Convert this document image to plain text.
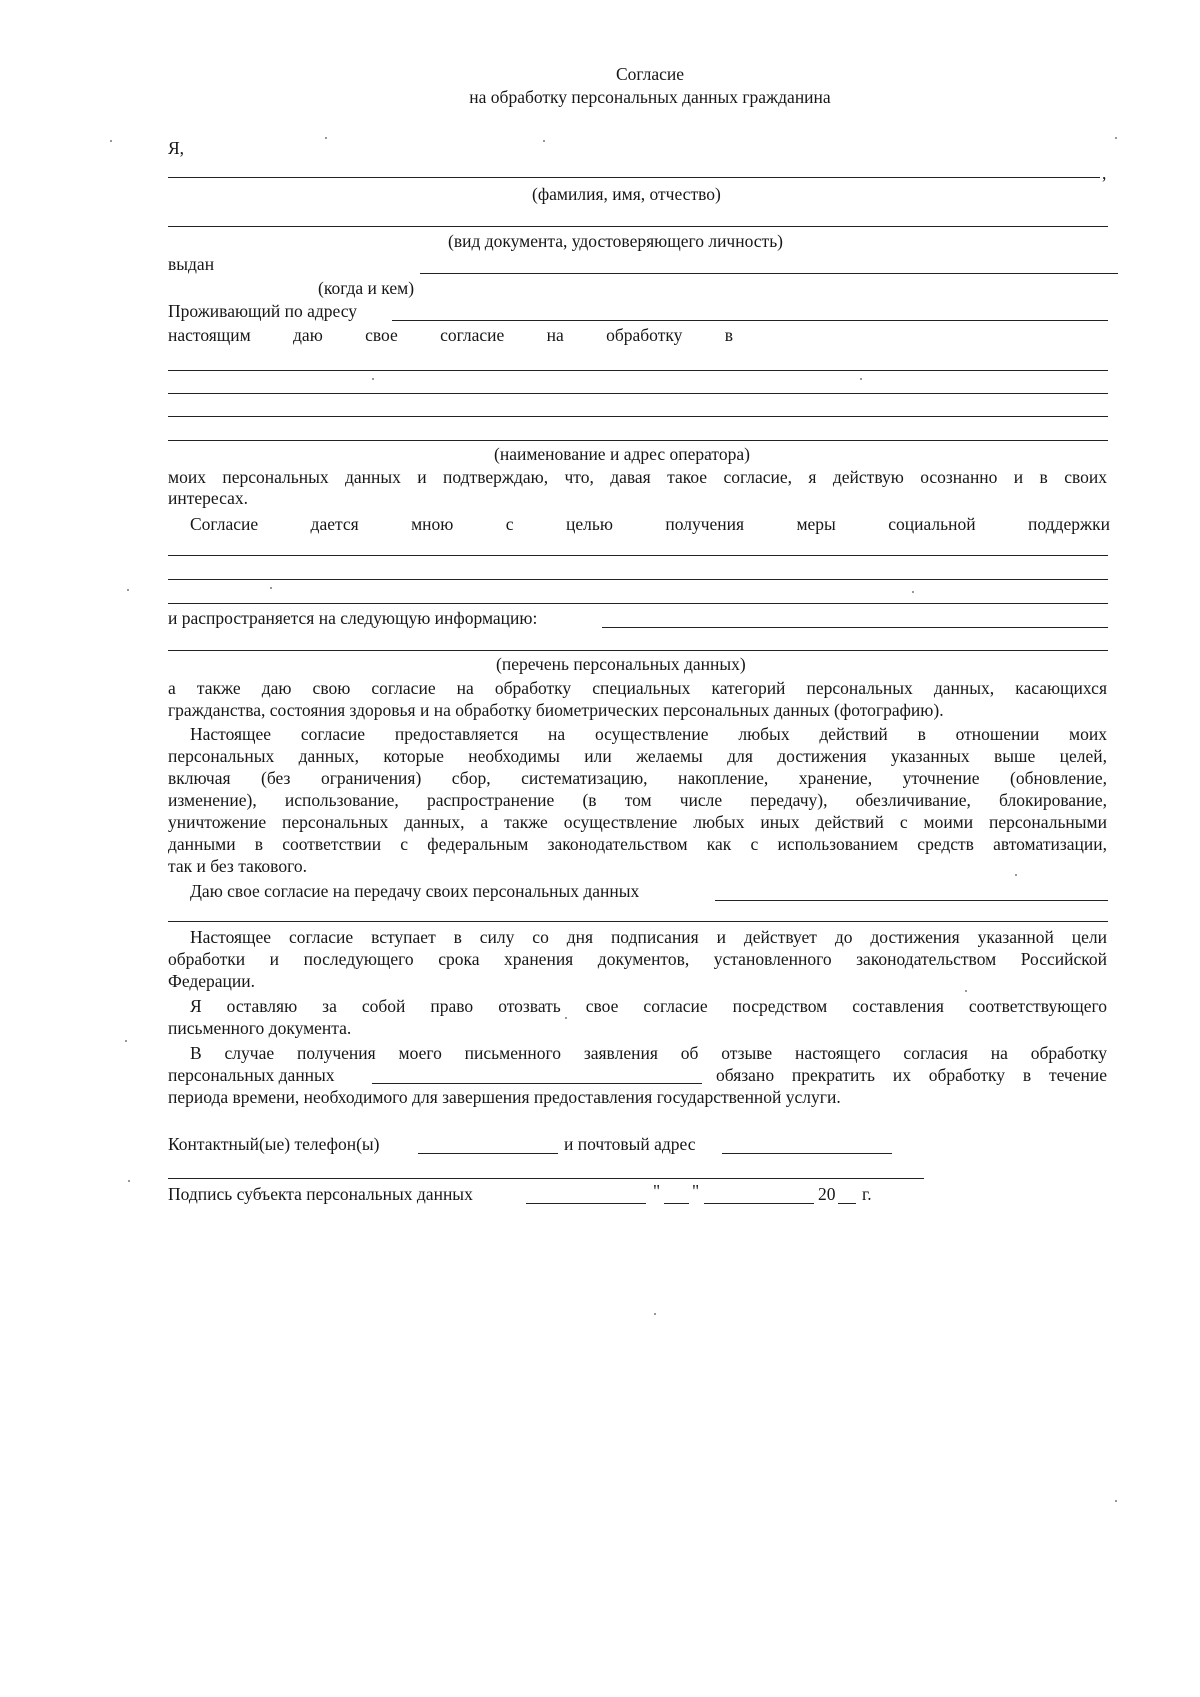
Согласие
на обработку персональных данных гражданина
Я,
,
(фамилия, имя, отчество)
(вид документа, удостоверяющего личность)
выдан
(когда и кем)
Проживающий по адресу
настоящим даю свое согласие на обработку в
(наименование и адрес оператора)
моих персональных данных и подтверждаю, что, давая такое согласие, я действую осознанно и в своих
интересах.
Согласие	дается	мною	с	целью	получения	меры	социальной	поддержки
и распространяется на следующую информацию:
(перечень персональных данных)
а также даю свою согласие на обработку специальных категорий персональных данных, касающихся
гражданства, состояния здоровья и на обработку биометрических персональных данных (фотографию).
Настоящее согласие предоставляется на осуществление любых действий в отношении моих
персональных данных, которые необходимы или желаемы для достижения указанных выше целей,
включая (без ограничения) сбор, систематизацию, накопление, хранение, уточнение (обновление,
изменение), использование, распространение (в том числе передачу), обезличивание, блокирование,
уничтожение персональных данных, а также осуществление любых иных действий с моими персональными
данными в соответствии с федеральным законодательством как с использованием средств автоматизации,
так и без такового.
Даю свое согласие на передачу своих персональных данных
Настоящее согласие вступает в силу со дня подписания и действует до достижения указанной цели
обработки и последующего срока хранения документов, установленного законодательством Российской
Федерации.
Я оставляю за собой право отозвать свое согласие посредством составления соответствующего
письменного документа.
В случае получения моего письменного заявления об отзыве настоящего согласия на обработку
персональных данных	обязано прекратить их обработку в течение
периода времени, необходимого для завершения предоставления государственной услуги.
Контактный(ые) телефон(ы)	и почтовый адрес
Подпись субъекта персональных данных	" "	20 г.
